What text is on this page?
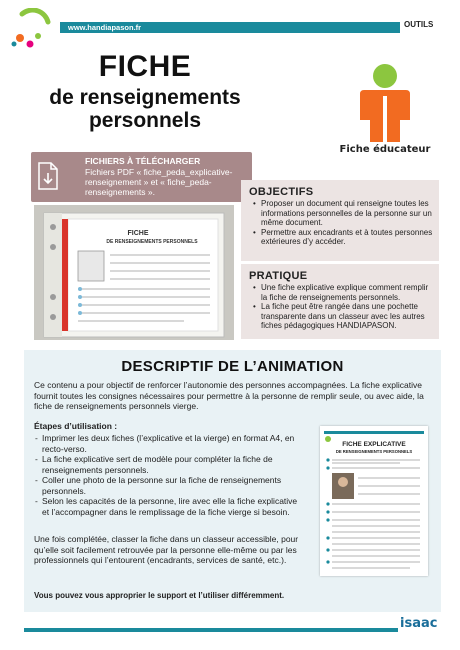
www.handiapason.fr	OUTILS
FICHE
de renseignements
personnels
Fiche éducateur
FICHIERS À TÉLÉCHARGER
Fichiers PDF « fiche_peda_explicative-renseignement » et « fiche_peda-renseignements ».
FICHE
DE RENSEIGNEMENTS PERSONNELS
OBJECTIFS
• Proposer un document qui renseigne toutes les informations personnelles de la personne sur un même document.
• Permettre aux encadrants et à toutes personnes extérieures d’y accéder.
PRATIQUE
• Une fiche explicative explique comment remplir la fiche de renseignements personnels.
• La fiche peut être rangée dans une pochette transparente dans un classeur avec les autres fiches pédagogiques HANDIAPASON.
DESCRIPTIF DE L’ANIMATION
Ce contenu a pour objectif de renforcer l’autonomie des personnes accompagnées. La fiche explicative fournit toutes les consignes nécessaires pour permettre à la personne de remplir seule, ou avec aide, la fiche de renseignements personnels vierge.
Étapes d’utilisation :
- Imprimer les deux fiches (l’explicative et la vierge) en format A4, en recto-verso.
- La fiche explicative sert de modèle pour compléter la fiche de renseignements personnels.
- Coller une photo de la personne sur la fiche de renseignements personnels.
- Selon les capacités de la personne, lire avec elle la fiche explicative et l’accompagner dans le remplissage de la fiche vierge si besoin.
Une fois complétée, classer la fiche dans un classeur accessible, pour qu’elle soit facilement retrouvée par la personne elle-même ou par les professionnels qui l’entourent (encadrants, services de santé, etc.).
Vous pouvez vous approprier le support et l’utiliser différemment.
FICHE EXPLICATIVE
DE RENSEIGNEMENTS PERSONNELS
isaac
